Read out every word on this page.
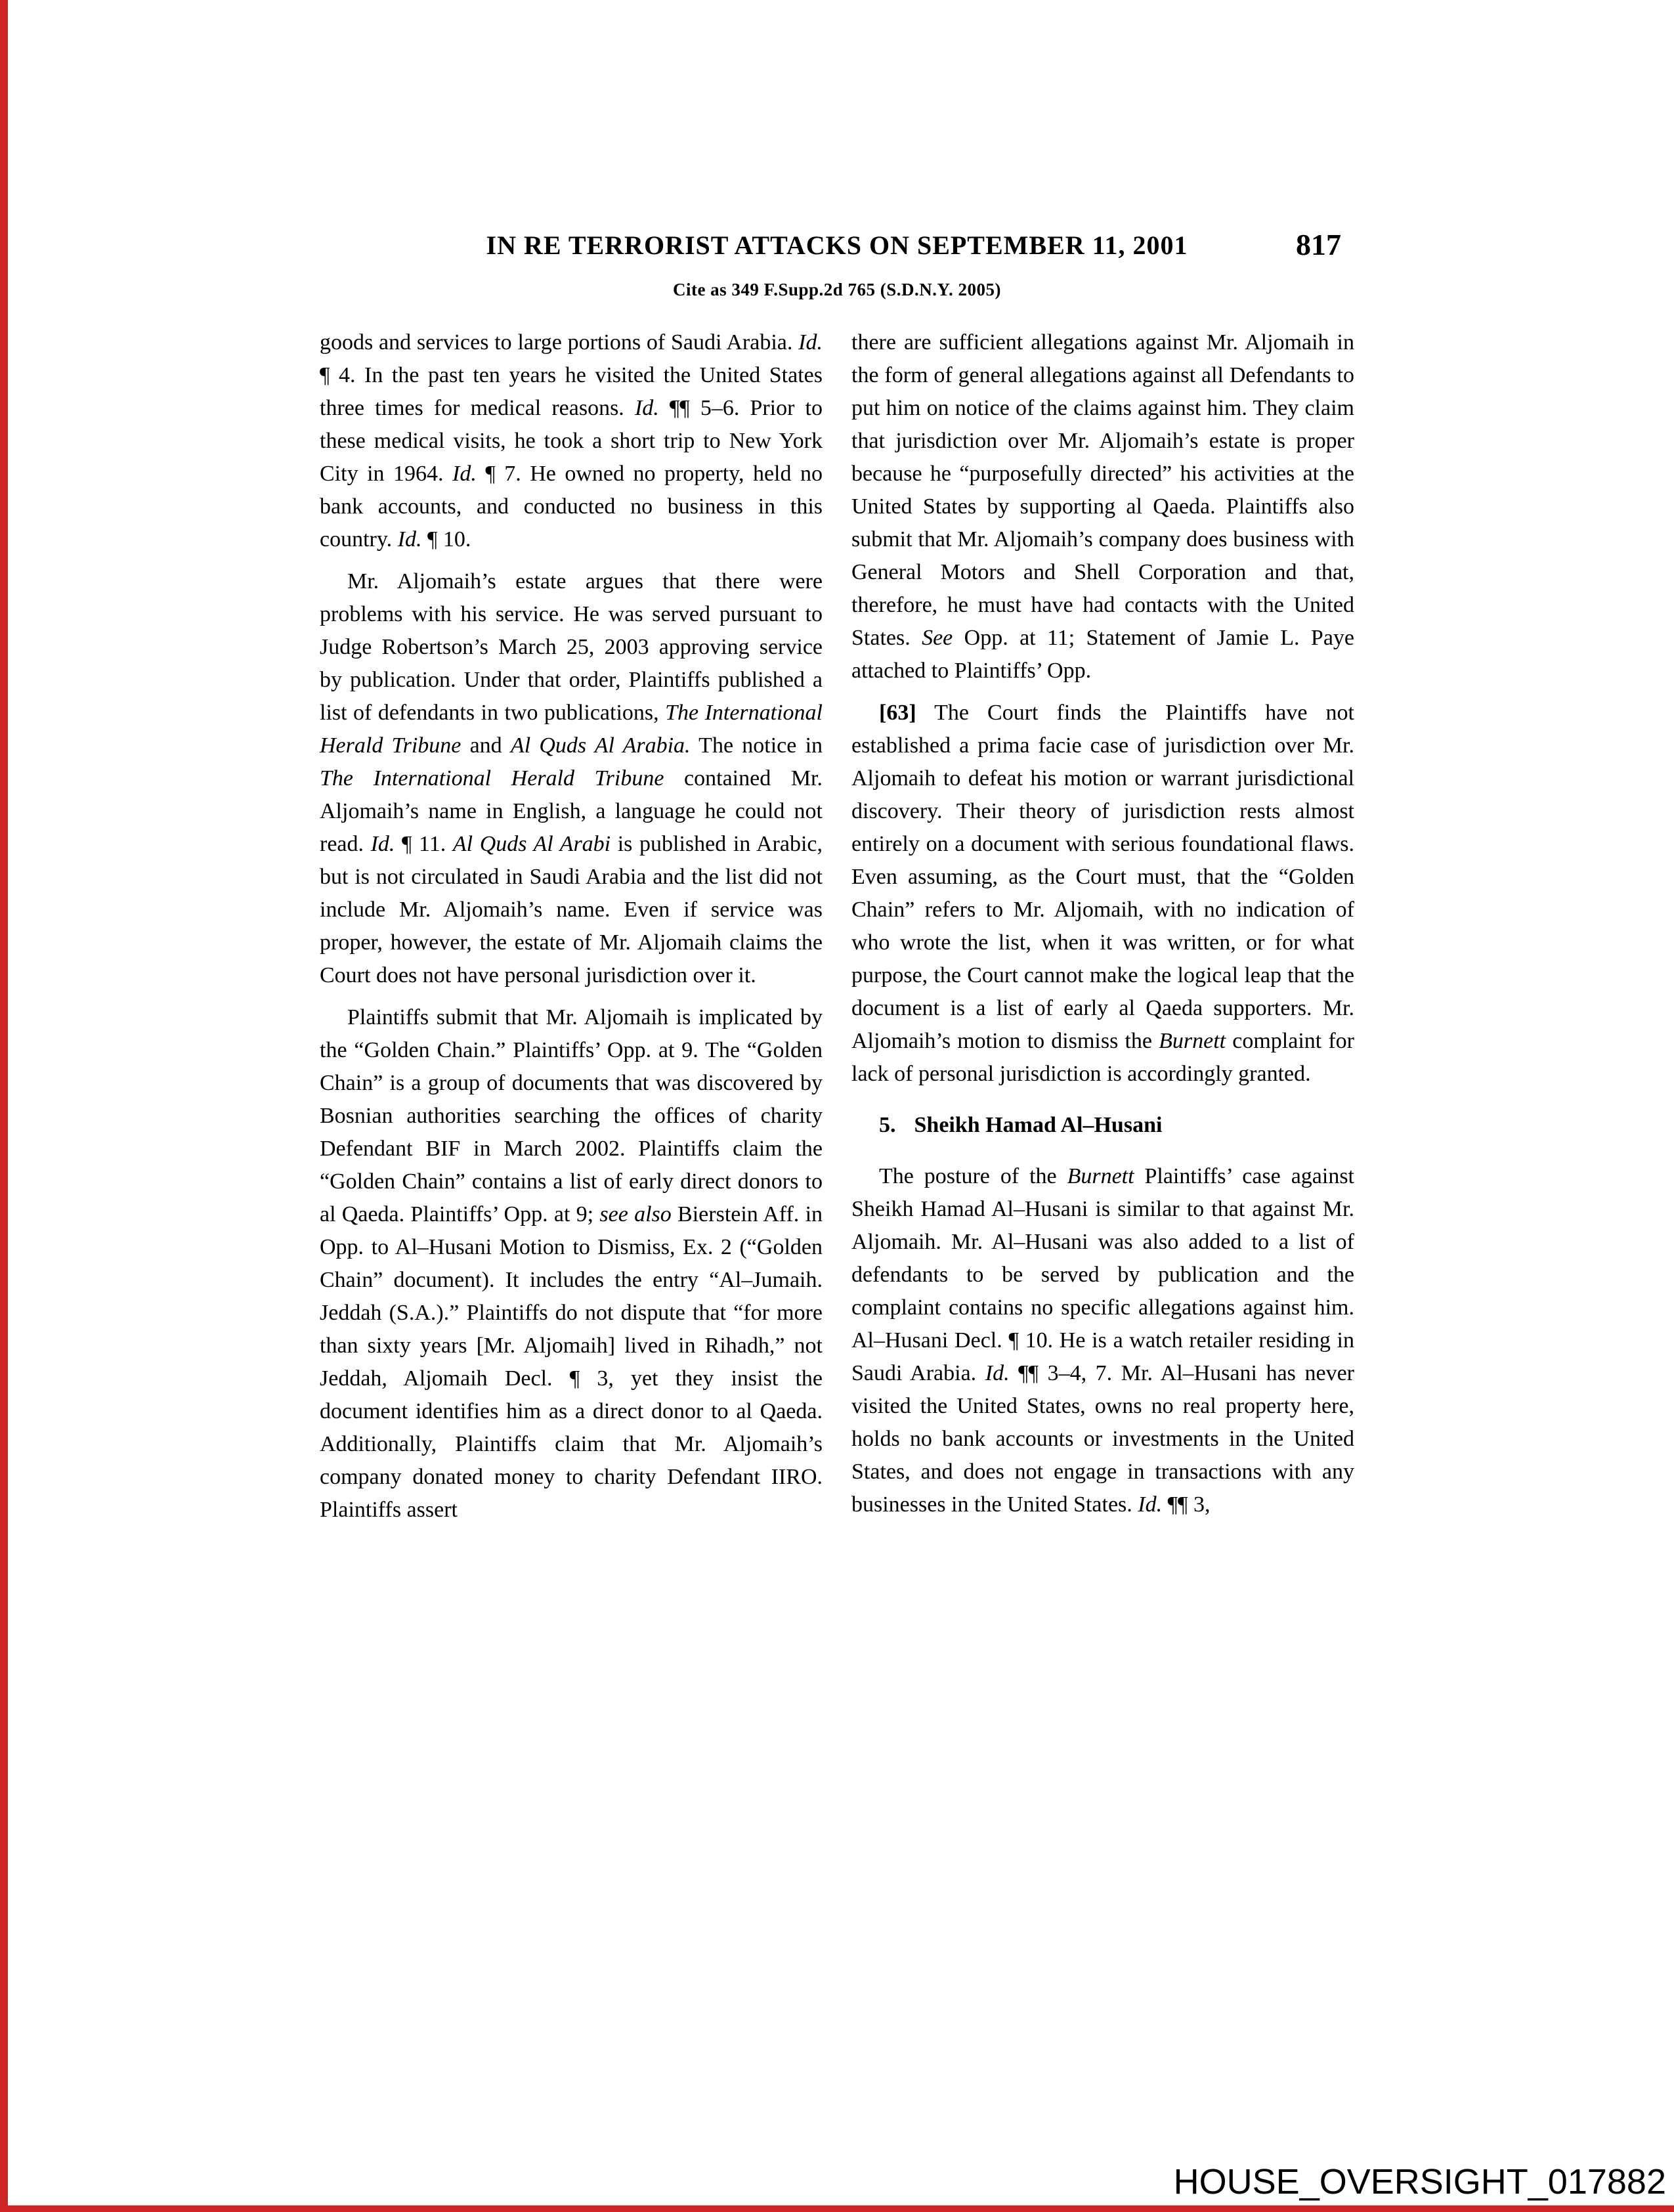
IN RE TERRORIST ATTACKS ON SEPTEMBER 11, 2001	817
Cite as 349 F.Supp.2d 765 (S.D.N.Y. 2005)

goods and services to large portions of Saudi Arabia. Id. ¶ 4. In the past ten years he visited the United States three times for medical reasons. Id. ¶¶ 5–6. Prior to these medical visits, he took a short trip to New York City in 1964. Id. ¶ 7. He owned no property, held no bank accounts, and conducted no business in this country. Id. ¶ 10.

Mr. Aljomaih’s estate argues that there were problems with his service. He was served pursuant to Judge Robertson’s March 25, 2003 approving service by publication. Under that order, Plaintiffs published a list of defendants in two publications, The International Herald Tribune and Al Quds Al Arabia. The notice in The International Herald Tribune contained Mr. Aljomaih’s name in English, a language he could not read. Id. ¶ 11. Al Quds Al Arabi is published in Arabic, but is not circulated in Saudi Arabia and the list did not include Mr. Aljomaih’s name. Even if service was proper, however, the estate of Mr. Aljomaih claims the Court does not have personal jurisdiction over it.

Plaintiffs submit that Mr. Aljomaih is implicated by the “Golden Chain.” Plaintiffs’ Opp. at 9. The “Golden Chain” is a group of documents that was discovered by Bosnian authorities searching the offices of charity Defendant BIF in March 2002. Plaintiffs claim the “Golden Chain” contains a list of early direct donors to al Qaeda. Plaintiffs’ Opp. at 9; see also Bierstein Aff. in Opp. to Al–Husani Motion to Dismiss, Ex. 2 (“Golden Chain” document). It includes the entry “Al–Jumaih. Jeddah (S.A.).” Plaintiffs do not dispute that “for more than sixty years [Mr. Aljomaih] lived in Rihadh,” not Jeddah, Aljomaih Decl. ¶ 3, yet they insist the document identifies him as a direct donor to al Qaeda. Additionally, Plaintiffs claim that Mr. Aljomaih’s company donated money to charity Defendant IIRO. Plaintiffs assert

there are sufficient allegations against Mr. Aljomaih in the form of general allegations against all Defendants to put him on notice of the claims against him. They claim that jurisdiction over Mr. Aljomaih’s estate is proper because he “purposefully directed” his activities at the United States by supporting al Qaeda. Plaintiffs also submit that Mr. Aljomaih’s company does business with General Motors and Shell Corporation and that, therefore, he must have had contacts with the United States. See Opp. at 11; Statement of Jamie L. Paye attached to Plaintiffs’ Opp.

[63] The Court finds the Plaintiffs have not established a prima facie case of jurisdiction over Mr. Aljomaih to defeat his motion or warrant jurisdictional discovery. Their theory of jurisdiction rests almost entirely on a document with serious foundational flaws. Even assuming, as the Court must, that the “Golden Chain” refers to Mr. Aljomaih, with no indication of who wrote the list, when it was written, or for what purpose, the Court cannot make the logical leap that the document is a list of early al Qaeda supporters. Mr. Aljomaih’s motion to dismiss the Burnett complaint for lack of personal jurisdiction is accordingly granted.

5. Sheikh Hamad Al–Husani

The posture of the Burnett Plaintiffs’ case against Sheikh Hamad Al–Husani is similar to that against Mr. Aljomaih. Mr. Al–Husani was also added to a list of defendants to be served by publication and the complaint contains no specific allegations against him. Al–Husani Decl. ¶ 10. He is a watch retailer residing in Saudi Arabia. Id. ¶¶ 3–4, 7. Mr. Al–Husani has never visited the United States, owns no real property here, holds no bank accounts or investments in the United States, and does not engage in transactions with any businesses in the United States. Id. ¶¶ 3,

HOUSE_OVERSIGHT_017882
